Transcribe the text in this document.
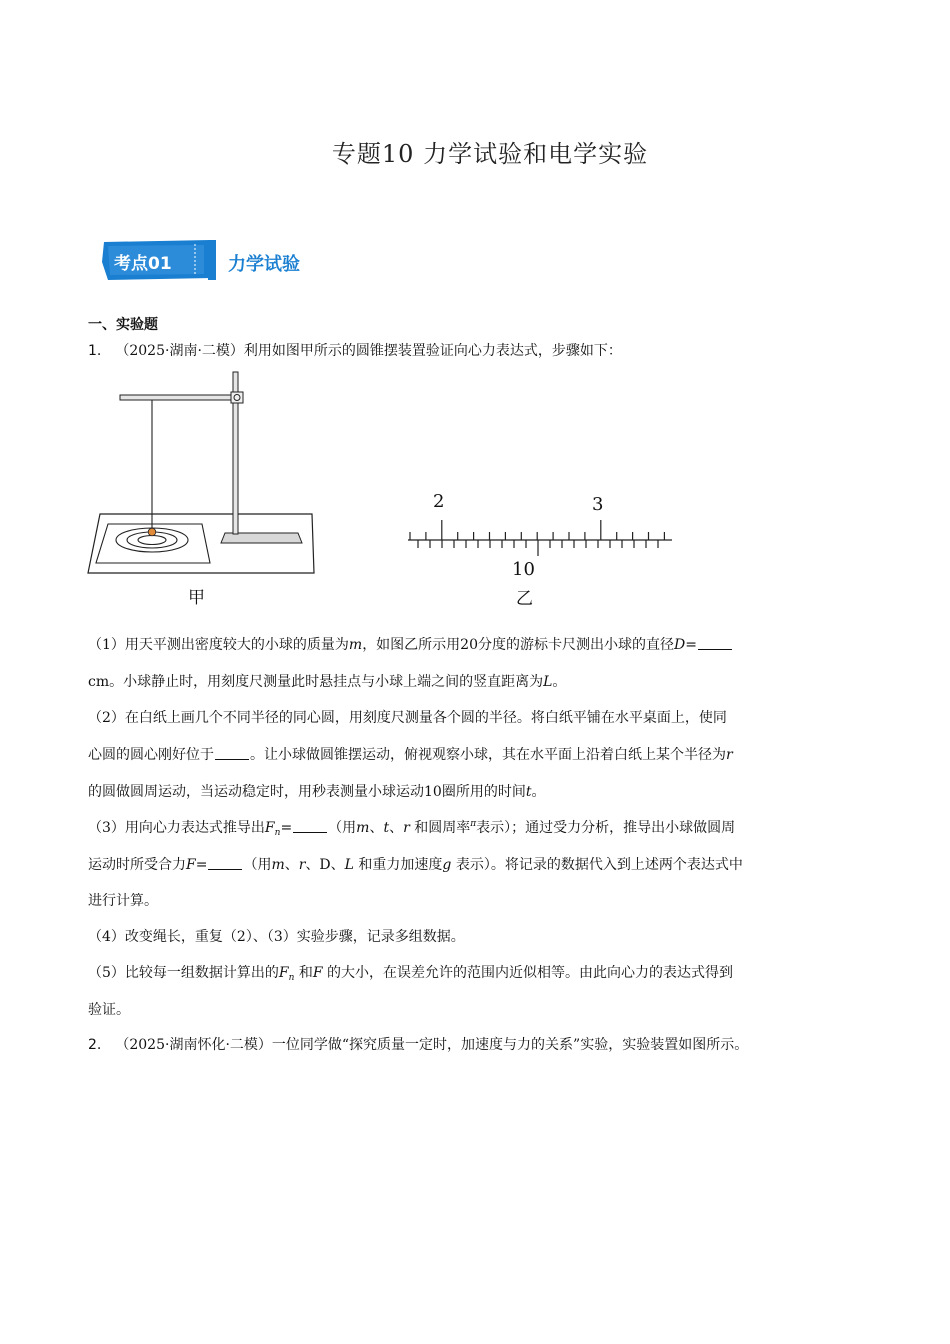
专题10 力学试验和电学实验
考点01	力学试验
一、实验题
1. （2025·湖南·二模）利用如图甲所示的圆锥摆装置验证向心力表达式，步骤如下：
甲
2	3
10
乙
（1）用天平测出密度较大的小球的质量为m，如图乙所示用20分度的游标卡尺测出小球的直径D=
cm。小球静止时，用刻度尺测量此时悬挂点与小球上端之间的竖直距离为L。
（2）在白纸上画几个不同半径的同心圆，用刻度尺测量各个圆的半径。将白纸平铺在水平桌面上，使同
心圆的圆心刚好位于	。让小球做圆锥摆运动，俯视观察小球，其在水平面上沿着白纸上某个半径为r
的圆做圆周运动，当运动稳定时，用秒表测量小球运动10圈所用的时间t。
（3）用向心力表达式推导出$F_n=$	（用m、t、r 和圆周率$^\pi$表示）；通过受力分析，推导出小球做圆周
运动时所受合力F=	（用m、r、D、L 和重力加速度g 表示）。将记录的数据代入到上述两个表达式中
进行计算。
（4）改变绳长，重复（2）、（3）实验步骤，记录多组数据。
（5）比较每一组数据计算出的$F_n$ 和F 的大小，在误差允许的范围内近似相等。由此向心力的表达式得到
验证。
2. （2025·湖南怀化·二模）一位同学做“探究质量一定时，加速度与力的关系”实验，实验装置如图所示。
